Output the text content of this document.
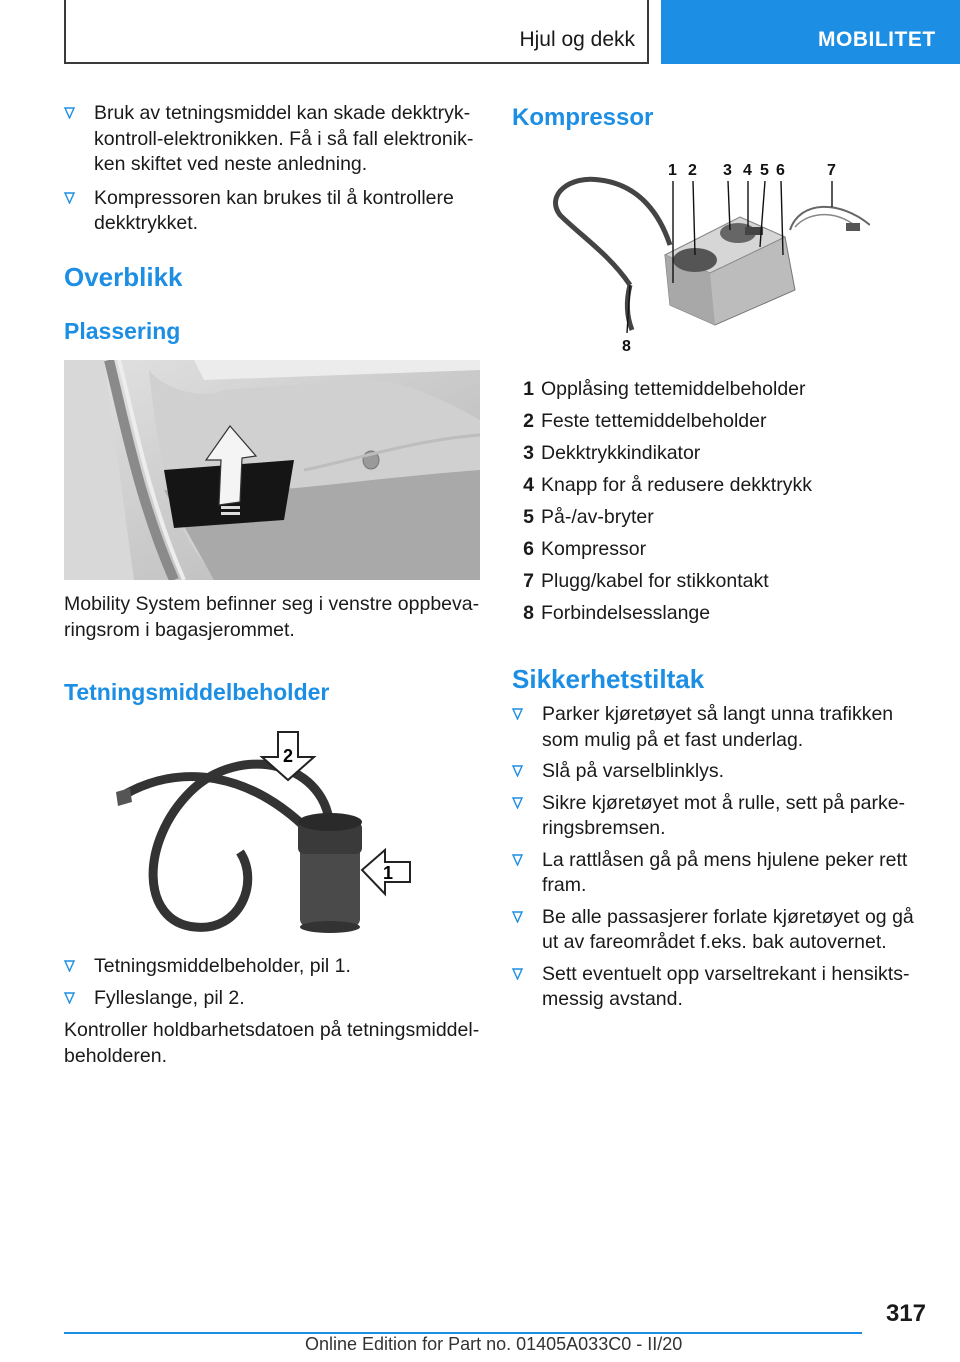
Hjul og dekk	MOBILITET
Bruk av tetningsmiddel kan skade dekktrykkontroll-elektronikken. Få i så fall elektronikken skiftet ved neste anledning.
Kompressoren kan brukes til å kontrollere dekktrykket.
Overblikk
Plassering

Mobility System befinner seg i venstre oppbevaringsrom i bagasjerommet.

Tetningsmiddelbeholder
2
1
Tetningsmiddelbeholder, pil 1.
Fylleslange, pil 2.

Kontroller holdbarhetsdatoen på tetningsmiddelbeholderen.

Kompressor
1 2 3 4 5 6	7
8
1 Opplåsing tettemiddelbeholder
2 Feste tettemiddelbeholder
3 Dekktrykkindikator
4 Knapp for å redusere dekktrykk
5 På-/av-bryter
6 Kompressor
7 Plugg/kabel for stikkontakt
8 Forbindelsesslange
Sikkerhetstiltak
Parker kjøretøyet så langt unna trafikken som mulig på et fast underlag.
Slå på varselblinklys.
Sikre kjøretøyet mot å rulle, sett på parkeringsbremsen.
La rattlåsen gå på mens hjulene peker rett fram.
Be alle passasjerer forlate kjøretøyet og gå ut av fareområdet f.eks. bak autovernet.
Sett eventuelt opp varseltrekant i hensiktsmessig avstand.
317
Online Edition for Part no. 01405A033C0 - II/20
